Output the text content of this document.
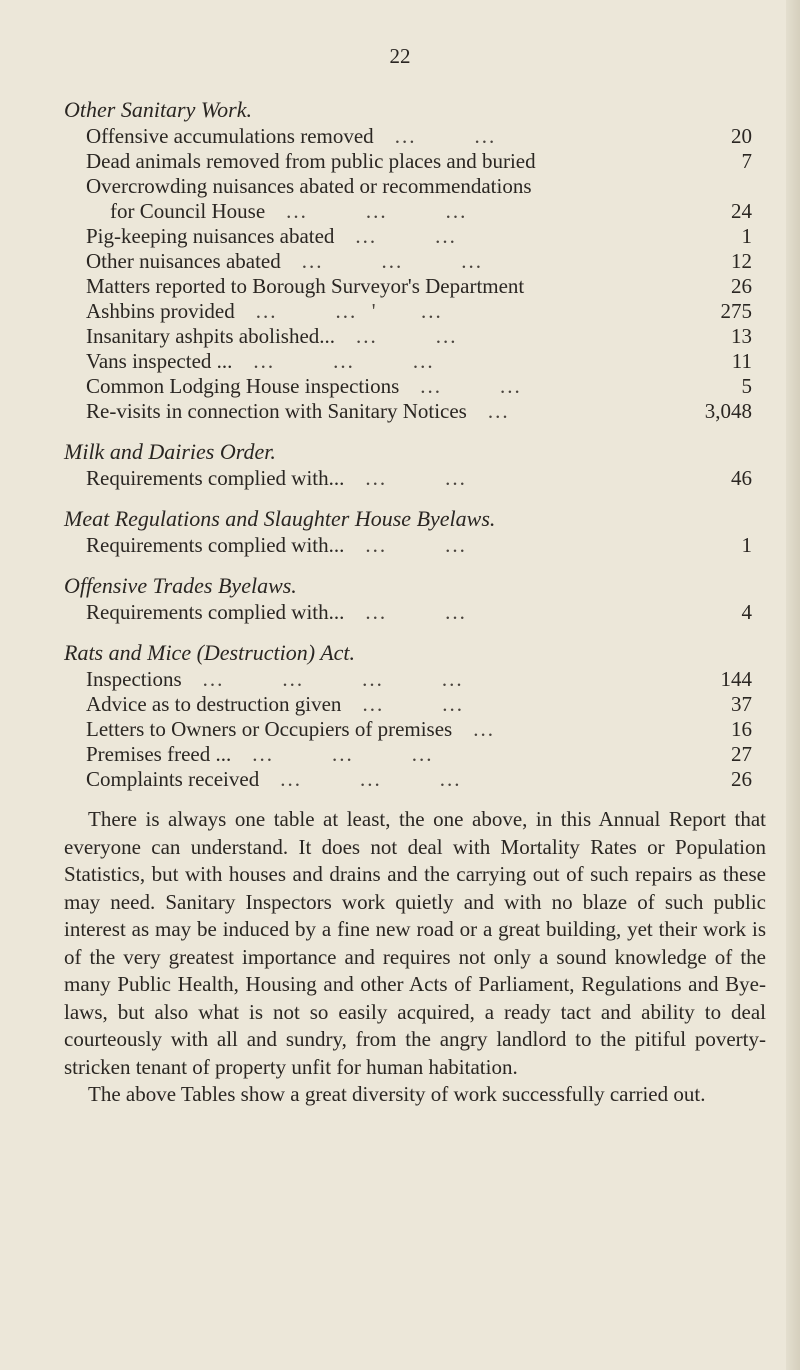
22
Other Sanitary Work.
Offensive accumulations removed ...        ...	20
Dead animals removed from public places and buried	7
Overcrowding nuisances abated or recommendations
for Council House ...        ...        ...	24
Pig-keeping nuisances abated ...        ...	1
Other nuisances abated ...        ...        ...	12
Matters reported to Borough Surveyor's Department	26
Ashbins provided ...        ...  '      ...	275
Insanitary ashpits abolished... ...        ...	13
Vans inspected ... ...        ...        ...	11
Common Lodging House inspections ...        ...	5
Re-visits in connection with Sanitary Notices ...	3,048
Milk and Dairies Order.
Requirements complied with... ...        ...	46
Meat Regulations and Slaughter House Byelaws.
Requirements complied with... ...        ...	1
Offensive Trades Byelaws.
Requirements complied with... ...        ...	4
Rats and Mice (Destruction) Act.
Inspections ...        ...        ...        ...	144
Advice as to destruction given ...        ...	37
Letters to Owners or Occupiers of premises ...	16
Premises freed ... ...        ...        ...	27
Complaints received ...        ...        ...	26

There is always one table at least, the one above, in this Annual Report that everyone can understand. It does not deal with Mortality Rates or Population Statistics, but with houses and drains and the carrying out of such repairs as these may need. Sanitary Inspectors work quietly and with no blaze of such public interest as may be induced by a fine new road or a great building, yet their work is of the very greatest importance and requires not only a sound knowledge of the many Public Health, Housing and other Acts of Parliament, Regulations and Bye-laws, but also what is not so easily acquired, a ready tact and ability to deal courteously with all and sundry, from the angry landlord to the pitiful poverty-stricken tenant of property unfit for human habitation.

The above Tables show a great diversity of work successfully carried out.
